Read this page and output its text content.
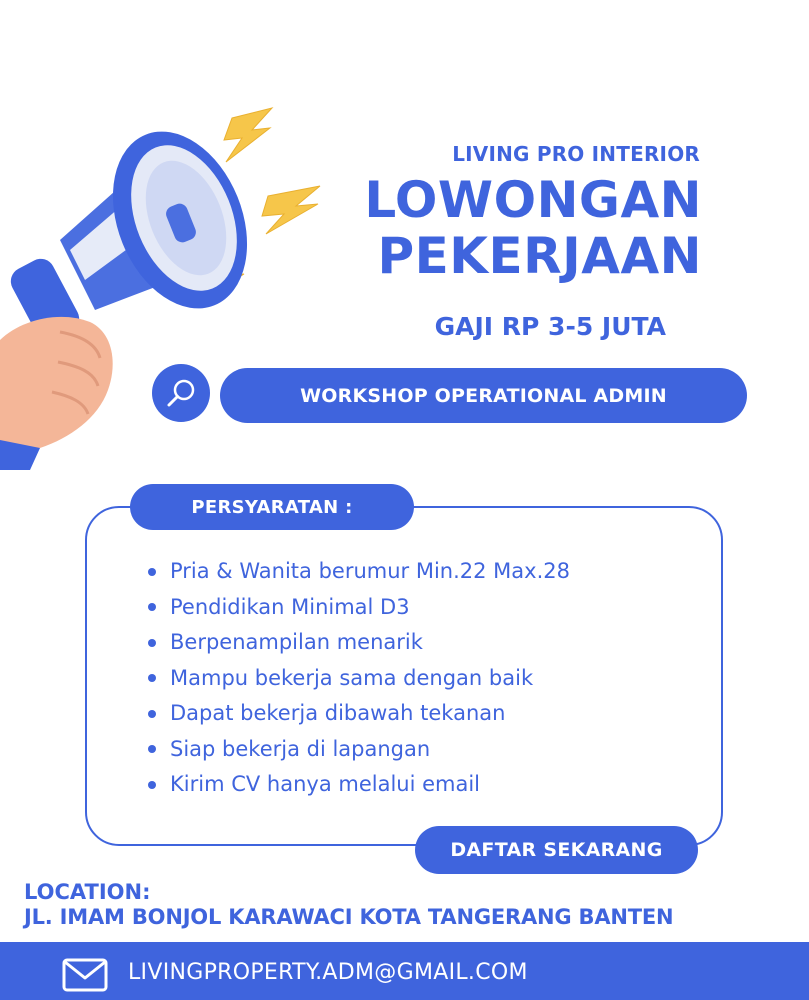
LIVING PRO INTERIOR
LOWONGAN
PEKERJAAN
GAJI RP 3-5 JUTA
WORKSHOP OPERATIONAL ADMIN
PERSYARATAN :
Pria & Wanita berumur Min.22 Max.28
Pendidikan Minimal D3
Berpenampilan menarik
Mampu bekerja sama dengan baik
Dapat bekerja dibawah tekanan
Siap bekerja di lapangan
Kirim CV hanya melalui email
DAFTAR SEKARANG
LOCATION:
JL. IMAM BONJOL KARAWACI KOTA TANGERANG BANTEN
LIVINGPROPERTY.ADM@GMAIL.COM
